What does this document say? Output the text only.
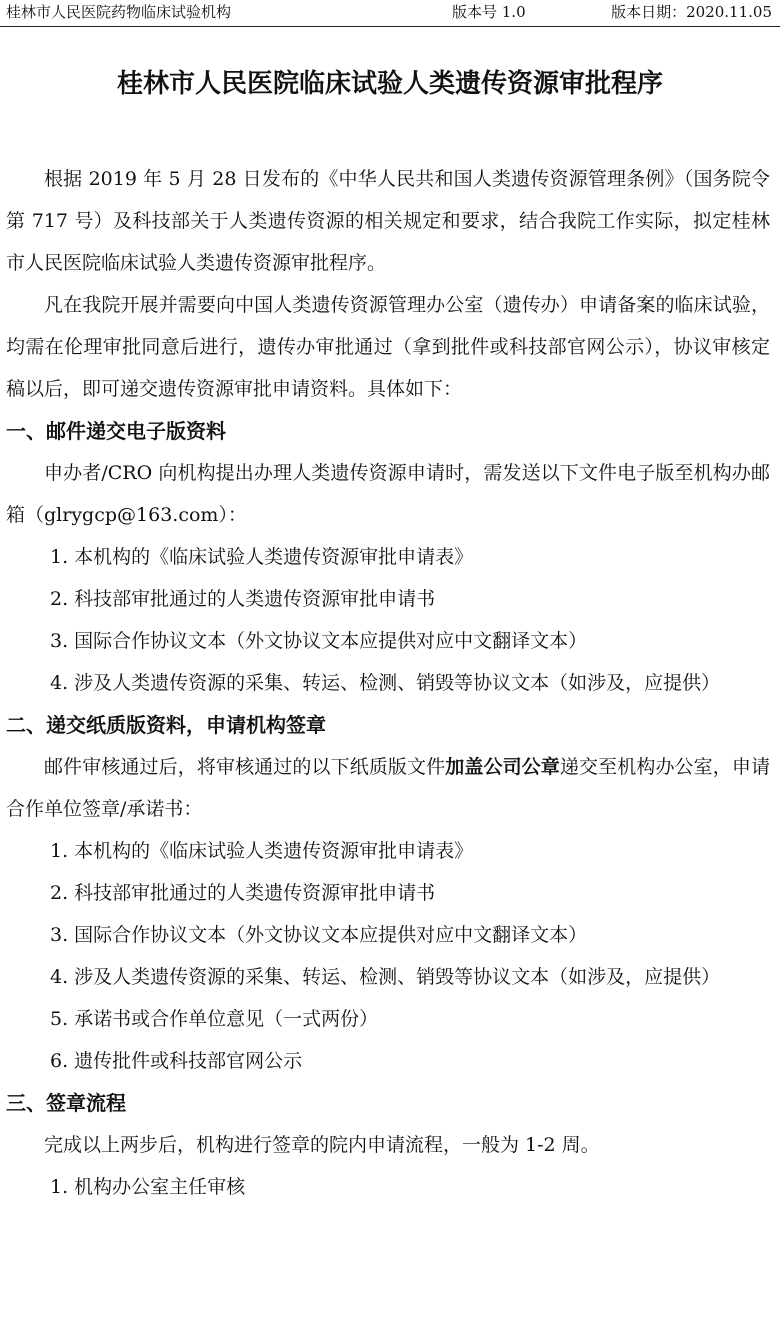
桂林市人民医院药物临床试验机构	版本号 1.0	版本日期：2020.11.05
桂林市人民医院临床试验人类遗传资源审批程序

根据 2019 年 5 月 28 日发布的《中华人民共和国人类遗传资源管理条例》（国务院令第 717 号）及科技部关于人类遗传资源的相关规定和要求，结合我院工作实际，拟定桂林市人民医院临床试验人类遗传资源审批程序。

凡在我院开展并需要向中国人类遗传资源管理办公室（遗传办）申请备案的临床试验，均需在伦理审批同意后进行，遗传办审批通过（拿到批件或科技部官网公示），协议审核定稿以后，即可递交遗传资源审批申请资料。具体如下：

一、邮件递交电子版资料

申办者/CRO 向机构提出办理人类遗传资源申请时，需发送以下文件电子版至机构办邮箱（glrygcp@163.com）：

1. 本机构的《临床试验人类遗传资源审批申请表》

2. 科技部审批通过的人类遗传资源审批申请书

3. 国际合作协议文本（外文协议文本应提供对应中文翻译文本）

4. 涉及人类遗传资源的采集、转运、检测、销毁等协议文本（如涉及，应提供）

二、递交纸质版资料，申请机构签章

邮件审核通过后，将审核通过的以下纸质版文件加盖公司公章递交至机构办公室，申请合作单位签章/承诺书：

1. 本机构的《临床试验人类遗传资源审批申请表》

2. 科技部审批通过的人类遗传资源审批申请书

3. 国际合作协议文本（外文协议文本应提供对应中文翻译文本）

4. 涉及人类遗传资源的采集、转运、检测、销毁等协议文本（如涉及，应提供）

5. 承诺书或合作单位意见（一式两份）

6. 遗传批件或科技部官网公示

三、签章流程

完成以上两步后，机构进行签章的院内申请流程，一般为 1-2 周。

1. 机构办公室主任审核
